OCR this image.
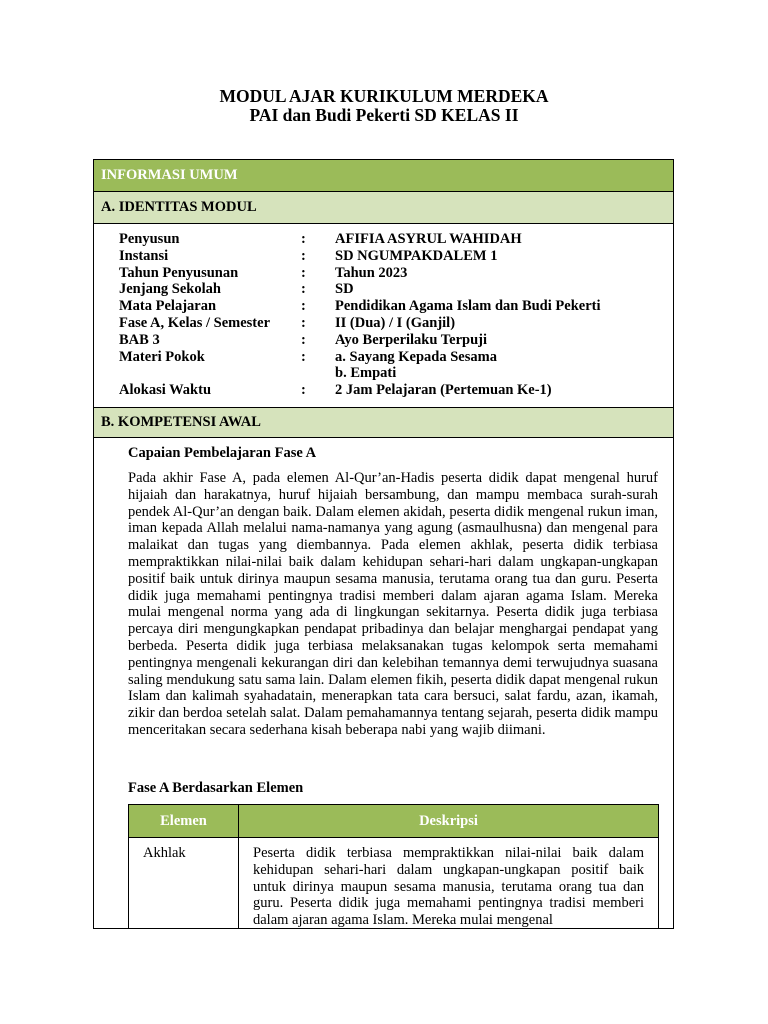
MODUL AJAR KURIKULUM MERDEKA
PAI dan Budi Pekerti SD KELAS II
INFORMASI UMUM
A. IDENTITAS MODUL
Penyusun	: AFIFIA ASYRUL WAHIDAH
Instansi	: SD NGUMPAKDALEM 1
Tahun Penyusunan	: Tahun 2023
Jenjang Sekolah	: SD
Mata Pelajaran	: Pendidikan Agama Islam dan Budi Pekerti
Fase A, Kelas / Semester : II (Dua) / I (Ganjil)
BAB 3	: Ayo Berperilaku Terpuji
Materi Pokok	: a. Sayang Kepada Sesama
b. Empati
Alokasi Waktu	: 2 Jam Pelajaran (Pertemuan Ke-1)
B. KOMPETENSI AWAL
Capaian Pembelajaran Fase A

Pada akhir Fase A, pada elemen Al-Qur’an-Hadis peserta didik dapat mengenal huruf hijaiah dan harakatnya, huruf hijaiah bersambung, dan mampu membaca surah-surah pendek Al-Qur’an dengan baik. Dalam elemen akidah, peserta didik mengenal rukun iman, iman kepada Allah melalui nama-namanya yang agung (asmaulhusna) dan mengenal para malaikat dan tugas yang diembannya. Pada elemen akhlak, peserta didik terbiasa mempraktikkan nilai-nilai baik dalam kehidupan sehari-hari dalam ungkapan-ungkapan positif baik untuk dirinya maupun sesama manusia, terutama orang tua dan guru. Peserta didik juga memahami pentingnya tradisi memberi dalam ajaran agama Islam. Mereka mulai mengenal norma yang ada di lingkungan sekitarnya. Peserta didik juga terbiasa percaya diri mengungkapkan pendapat pribadinya dan belajar menghargai pendapat yang berbeda. Peserta didik juga terbiasa melaksanakan tugas kelompok serta memahami pentingnya mengenali kekurangan diri dan kelebihan temannya demi terwujudnya suasana saling mendukung satu sama lain. Dalam elemen fikih, peserta didik dapat mengenal rukun Islam dan kalimah syahadatain, menerapkan tata cara bersuci, salat fardu, azan, ikamah, zikir dan berdoa setelah salat. Dalam pemahamannya tentang sejarah, peserta didik mampu menceritakan secara sederhana kisah beberapa nabi yang wajib diimani.

Fase A Berdasarkan Elemen
Elemen	Deskripsi
Akhlak	Peserta didik terbiasa mempraktikkan nilai-nilai baik dalam kehidupan sehari-hari dalam ungkapan-ungkapan positif baik untuk dirinya maupun sesama manusia, terutama orang tua dan guru. Peserta didik juga memahami pentingnya tradisi memberi dalam ajaran agama Islam. Mereka mulai mengenal
